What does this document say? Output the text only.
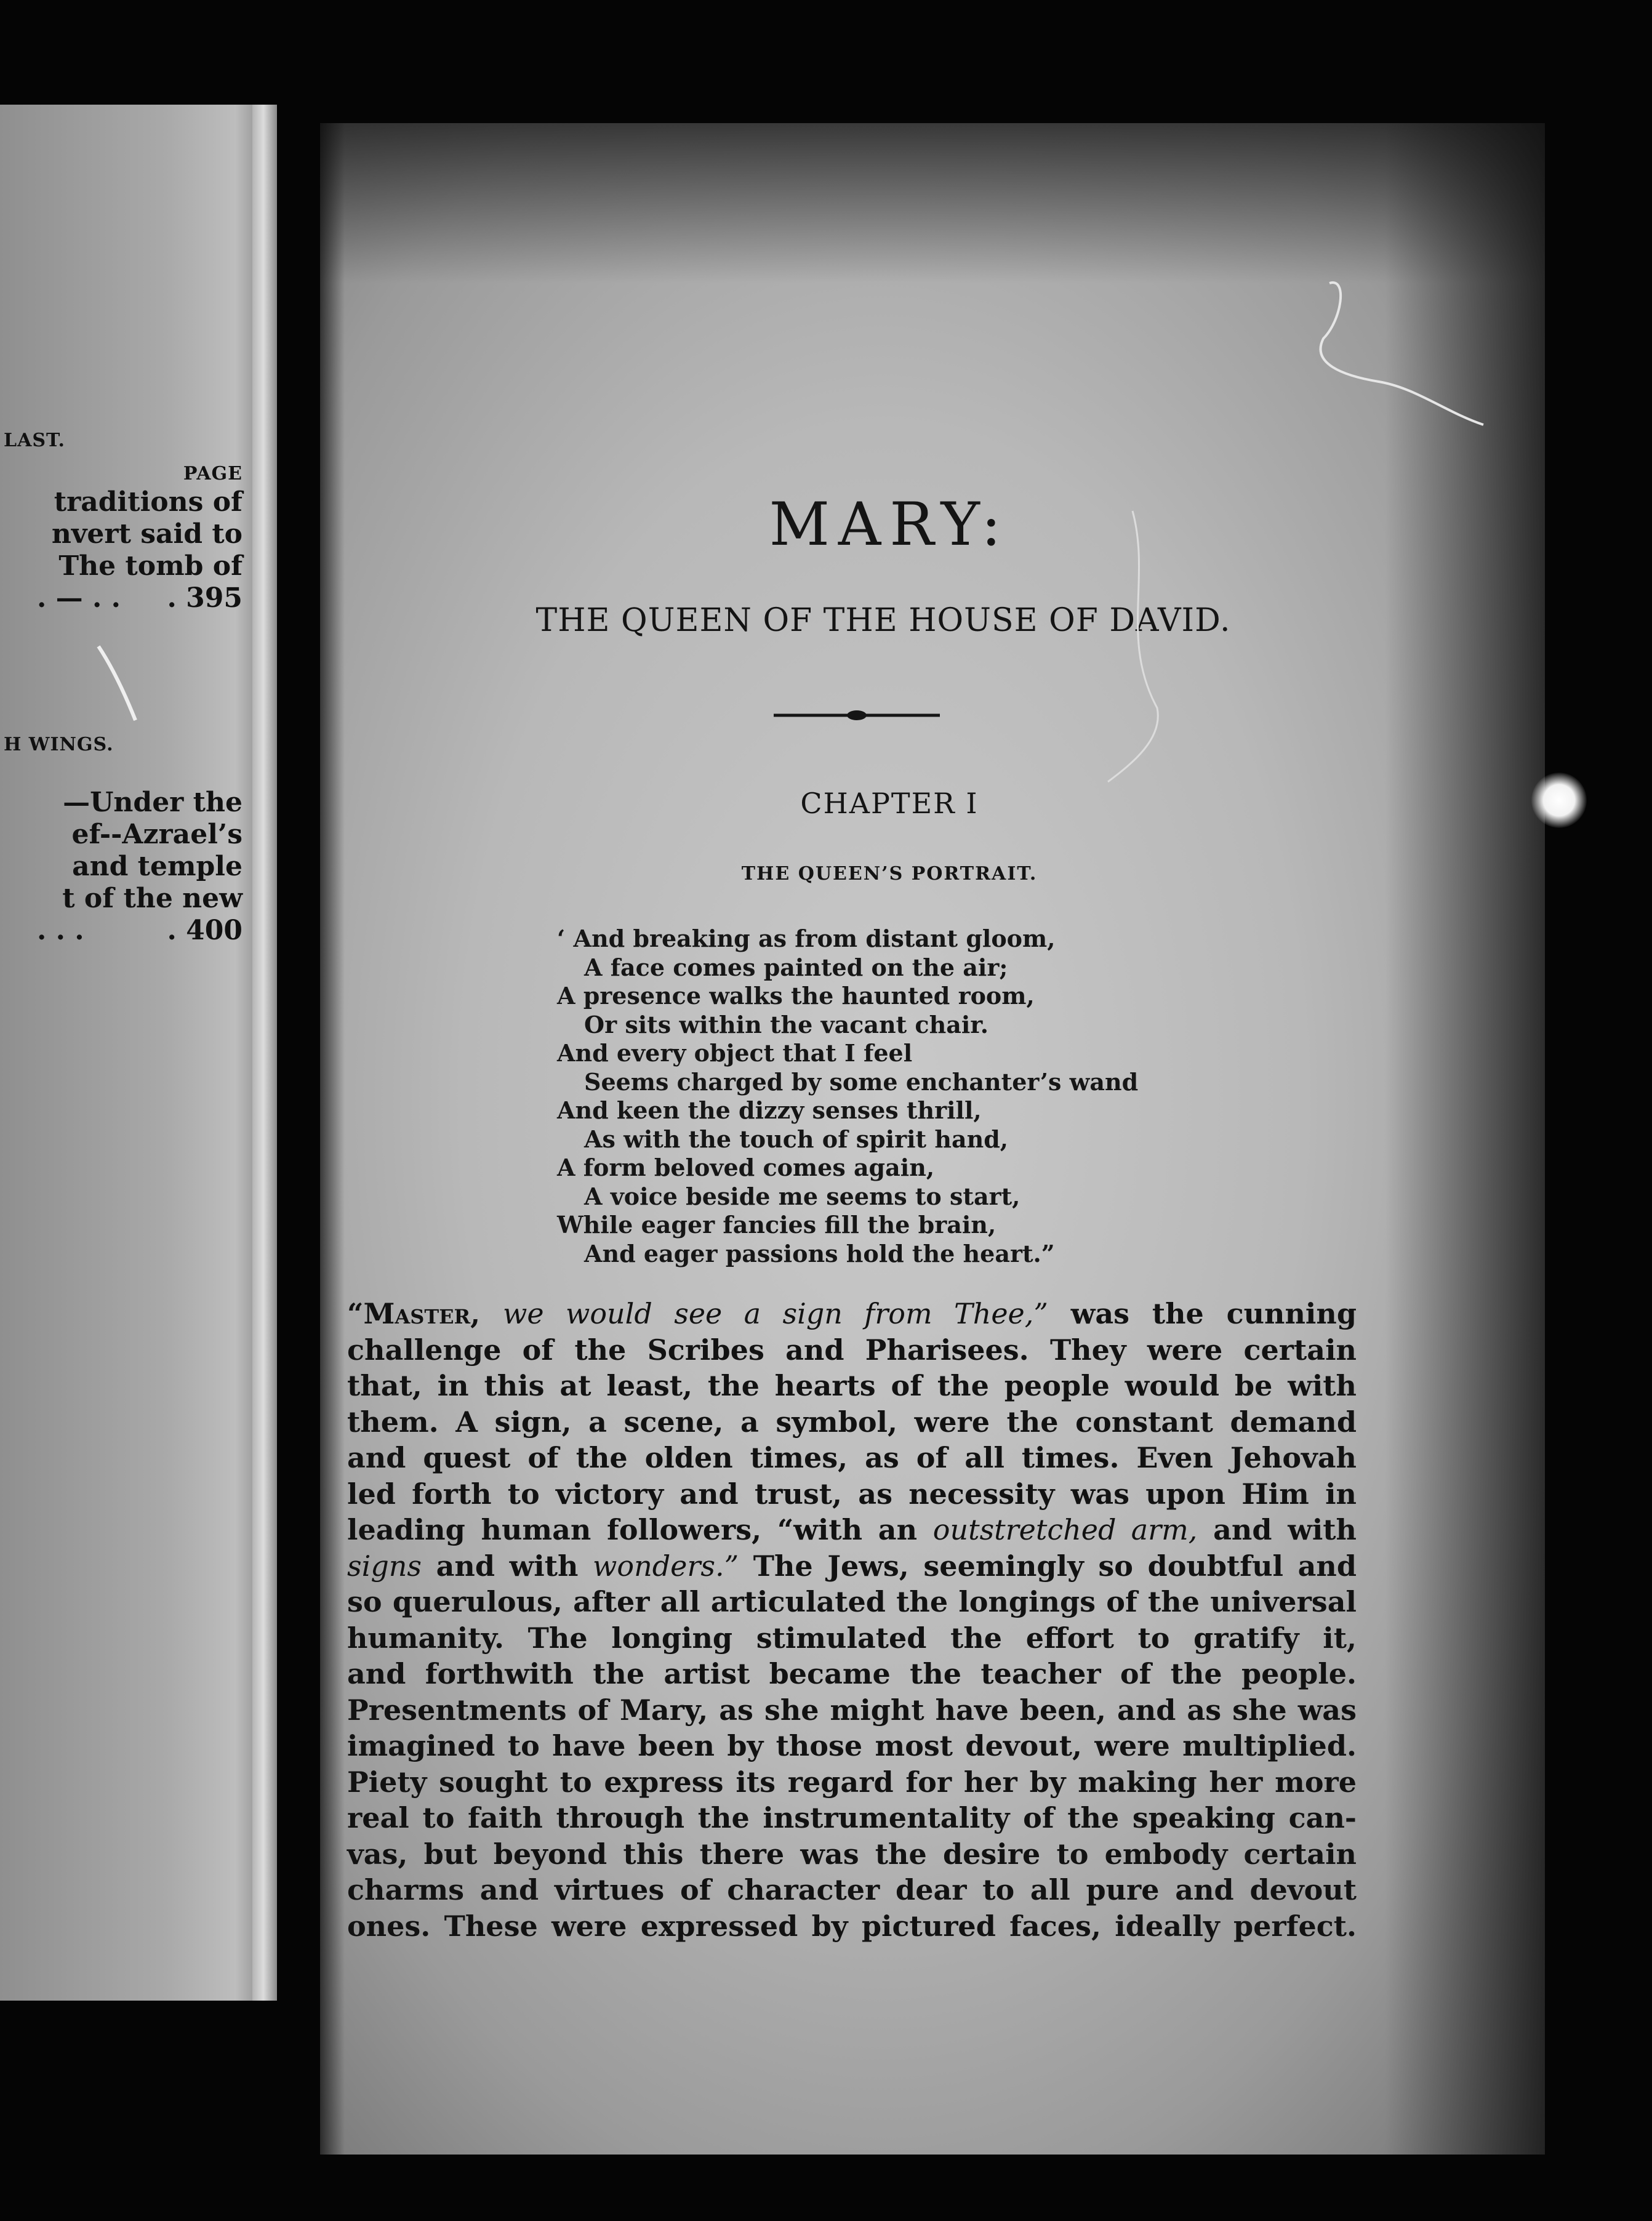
LAST.
PAGE
traditions of
nvert said to
The tomb of
. — . . . 395
H WINGS.
—Under the
ef--Azrael’s
and temple
t of the new
. . .	. 400
MARY:
THE QUEEN OF THE HOUSE OF DAVID.
CHAPTER I
THE QUEEN’S PORTRAIT.
‘ And breaking as from distant gloom,
A face comes painted on the air;
A presence walks the haunted room,
Or sits within the vacant chair.
And every object that I feel
Seems charged by some enchanter’s wand
And keen the dizzy senses thrill,
As with the touch of spirit hand,
A form beloved comes again,
A voice beside me seems to start,
While eager fancies fill the brain,
And eager passions hold the heart.”
“Master, we would see a sign from Thee,” was the cunning
challenge of the Scribes and Pharisees. They were certain
that, in this at least, the hearts of the people would be with
them. A sign, a scene, a symbol, were the constant demand
and quest of the olden times, as of all times. Even Jehovah
led forth to victory and trust, as necessity was upon Him in
leading human followers, “with an outstretched arm, and with
signs and with wonders.” The Jews, seemingly so doubtful and
so querulous, after all articulated the longings of the universal
humanity. The longing stimulated the effort to gratify it,
and forthwith the artist became the teacher of the people.
Presentments of Mary, as she might have been, and as she was
imagined to have been by those most devout, were multiplied.
Piety sought to express its regard for her by making her more
real to faith through the instrumentality of the speaking can-
vas, but beyond this there was the desire to embody certain
charms and virtues of character dear to all pure and devout
ones. These were expressed by pictured faces, ideally perfect.
